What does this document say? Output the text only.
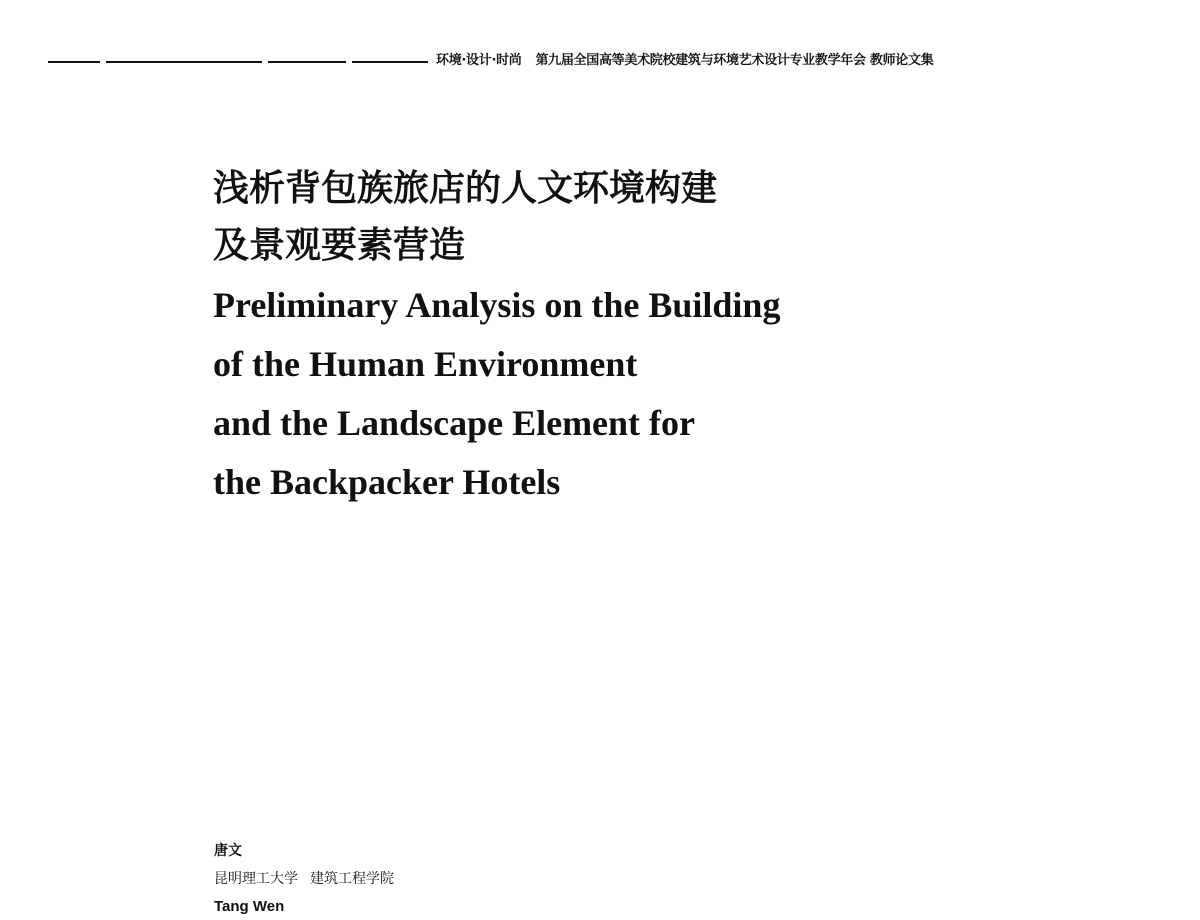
环境·设计·时尚 第九届全国高等美术院校建筑与环境艺术设计专业教学年会 教师论文集
浅析背包族旅店的人文环境构建
及景观要素营造
Preliminary Analysis on the Building
of the Human Environment
and the Landscape Element for
the Backpacker Hotels

唐文

昆明理工大学 建筑工程学院

Tang Wen
